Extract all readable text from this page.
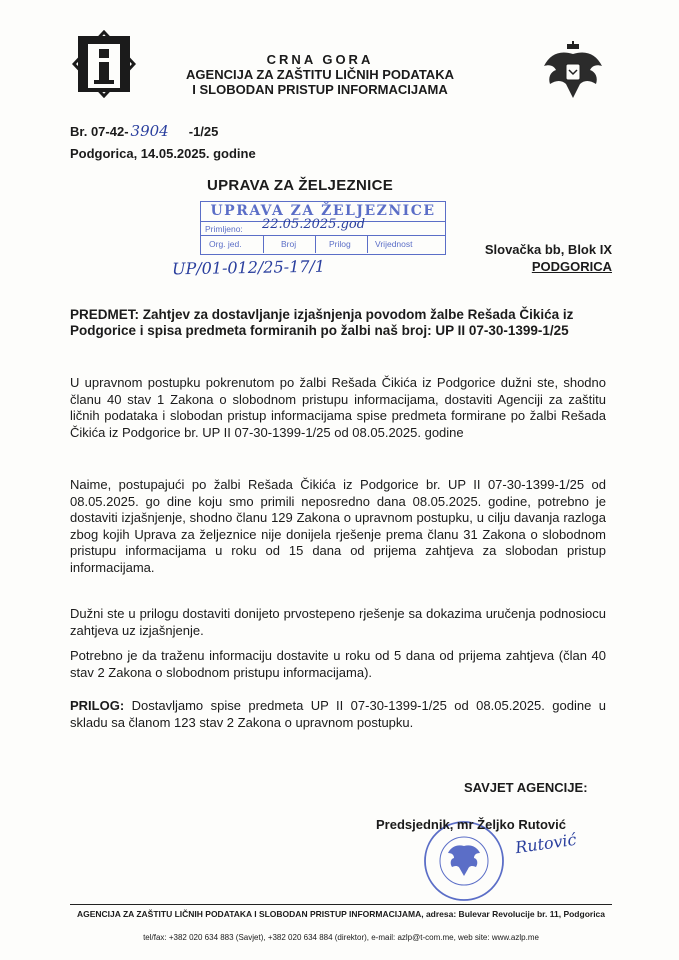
CRNA GORA
AGENCIJA ZA ZAŠTITU LIČNIH PODATAKA
I SLOBODAN PRISTUP INFORMACIJAMA
Br. 07-42- 3904 -1/25
Podgorica, 14.05.2025. godine
UPRAVA ZA ŽELJEZNICE
UPRAVA ZA ŽELJEZNICE
Primljeno:
Org. jed.	Broj	Prilog	Vrijednost
22.05.2025.god
UP/01-012/25-17/1
Slovačka bb, Blok IX
PODGORICA
PREDMET: Zahtjev za dostavljanje izjašnjenja povodom žalbe Rešada Čikića iz Podgorice i spisa predmeta formiranih po žalbi naš broj: UP II 07-30-1399-1/25
U upravnom postupku pokrenutom po žalbi Rešada Čikića iz Podgorice dužni ste, shodno članu 40 stav 1 Zakona o slobodnom pristupu informacijama, dostaviti Agenciji za zaštitu ličnih podataka i slobodan pristup informacijama spise predmeta formirane po žalbi Rešada Čikića iz Podgorice br. UP II 07-30-1399-1/25 od 08.05.2025. godine
Naime, postupajući po žalbi Rešada Čikića iz Podgorice br. UP II 07-30-1399-1/25 od 08.05.2025. go dine koju smo primili neposredno dana 08.05.2025. godine, potrebno je dostaviti izjašnjenje, shodno članu 129 Zakona o upravnom postupku, u cilju davanja razloga zbog kojih Uprava za željeznice nije donijela rješenje prema članu 31 Zakona o slobodnom pristupu informacijama u roku od 15 dana od prijema zahtjeva za slobodan pristup informacijama.
Dužni ste u prilogu dostaviti donijeto prvostepeno rješenje sa dokazima uručenja podnosiocu zahtjeva uz izjašnjenje.
Potrebno je da traženu informaciju dostavite u roku od 5 dana od prijema zahtjeva (član 40 stav 2 Zakona o slobodnom pristupu informacijama).
PRILOG: Dostavljamo spise predmeta UP II 07-30-1399-1/25 od 08.05.2025. godine u skladu sa članom 123 stav 2 Zakona o upravnom postupku.
SAVJET AGENCIJE:
Predsjednik, mr Željko Rutović
Rutović
AGENCIJA ZA ZAŠTITU LIČNIH PODATAKA I SLOBODAN PRISTUP INFORMACIJAMA, adresa: Bulevar Revolucije br. 11, Podgorica
tel/fax: +382 020 634 883 (Savjet), +382 020 634 884 (direktor), e-mail: azlp@t-com.me, web site: www.azlp.me
